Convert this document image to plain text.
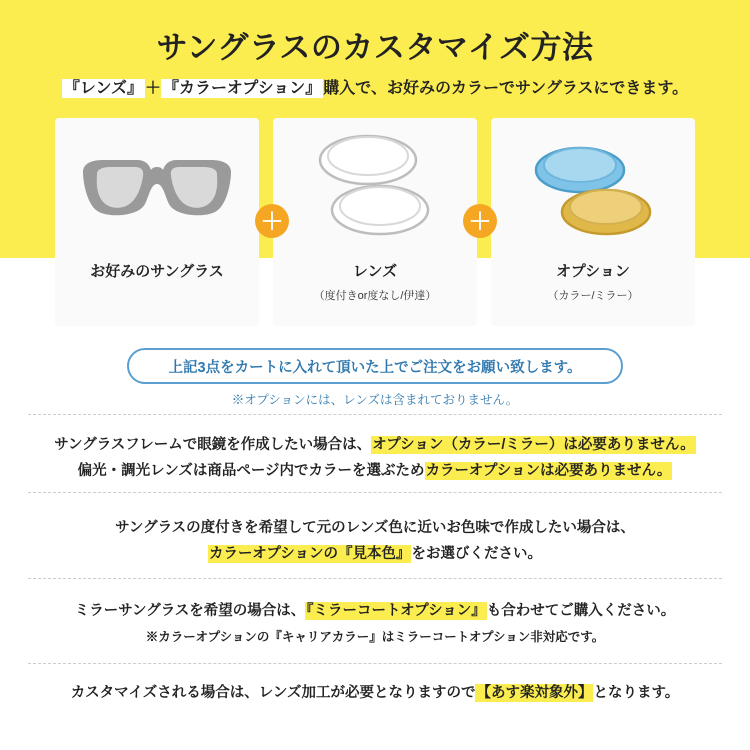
サングラスのカスタマイズ方法
『レンズ』 ＋ 『カラーオプション』 購入で、お好みのカラーでサングラスにできます。
お好みのサングラス	レンズ
（度付きor度なし/伊達）
オプション
（カラー/ミラー）
＋	＋
上記3点をカートに入れて頂いた上でご注文をお願い致します。
※オプションには、レンズは含まれておりません。
サングラスフレームで眼鏡を作成したい場合は、オプション（カラー/ミラー）は必要ありません。
偏光・調光レンズは商品ページ内でカラーを選ぶためカラーオプションは必要ありません。
サングラスの度付きを希望して元のレンズ色に近いお色味で作成したい場合は、
カラーオプションの『見本色』をお選びください。
ミラーサングラスを希望の場合は、『ミラーコートオプション』も合わせてご購入ください。
※カラーオプションの『キャリアカラー』はミラーコートオプション非対応です。
カスタマイズされる場合は、レンズ加工が必要となりますので【あす楽対象外】となります。
